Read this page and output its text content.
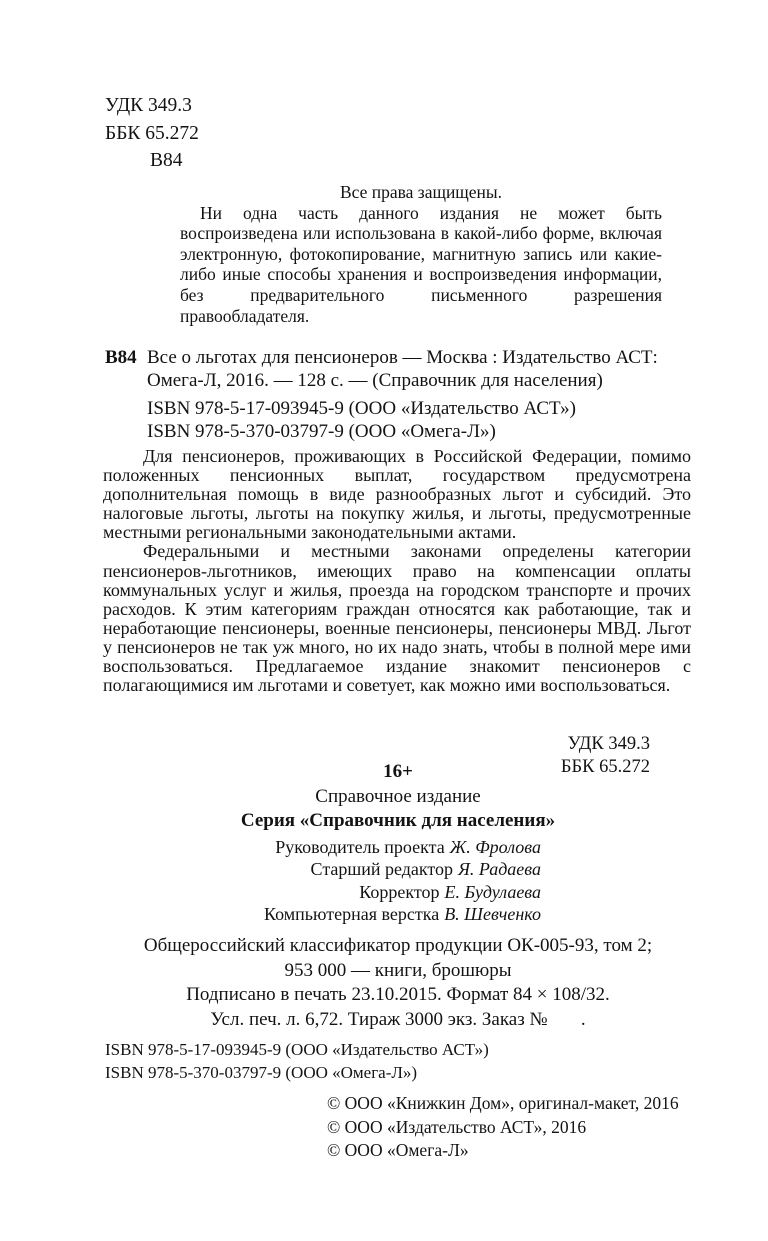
УДК 349.3
ББК 65.272
В84
Все права защищены.
Ни одна часть данного издания не может быть воспроизведена или использована в какой-либо форме, включая электронную, фотокопирование, магнитную запись или какие-либо иные способы хранения и воспроизведения информации, без предварительного письменного разрешения правообладателя.
В84 Все о льготах для пенсионеров — Москва : Издательство АСТ: Омега-Л, 2016. — 128 с. — (Справочник для населения)
ISBN 978-5-17-093945-9 (ООО «Издательство АСТ»)
ISBN 978-5-370-03797-9 (ООО «Омега-Л»)

Для пенсионеров, проживающих в Российской Федерации, помимо положенных пенсионных выплат, государством предусмотрена дополнительная помощь в виде разнообразных льгот и субсидий. Это налоговые льготы, льготы на покупку жилья, и льготы, предусмотренные местными региональными законодательными актами.

Федеральными и местными законами определены категории пенсионеров-льготников, имеющих право на компенсации оплаты коммунальных услуг и жилья, проезда на городском транспорте и прочих расходов. К этим категориям граждан относятся как работающие, так и неработающие пенсионеры, военные пенсионеры, пенсионеры МВД. Льгот у пенсионеров не так уж много, но их надо знать, чтобы в полной мере ими воспользоваться. Предлагаемое издание знакомит пенсионеров с полагающимися им льготами и советует, как можно ими воспользоваться.

УДК 349.3
ББК 65.272
16+
Справочное издание
Серия «Справочник для населения»
Руководитель проекта Ж. Фролова
Старший редактор Я. Радаева
Корректор Е. Будулаева
Компьютерная верстка В. Шевченко
Общероссийский классификатор продукции ОК-005-93, том 2;
953 000 — книги, брошюры
Подписано в печать 23.10.2015. Формат 84 × 108/32.
Усл. печ. л. 6,72. Тираж 3000 экз. Заказ №       .
ISBN 978-5-17-093945-9 (ООО «Издательство АСТ»)
ISBN 978-5-370-03797-9 (ООО «Омега-Л»)
© ООО «Книжкин Дом», оригинал-макет, 2016
© ООО «Издательство АСТ», 2016
© ООО «Омега-Л»
